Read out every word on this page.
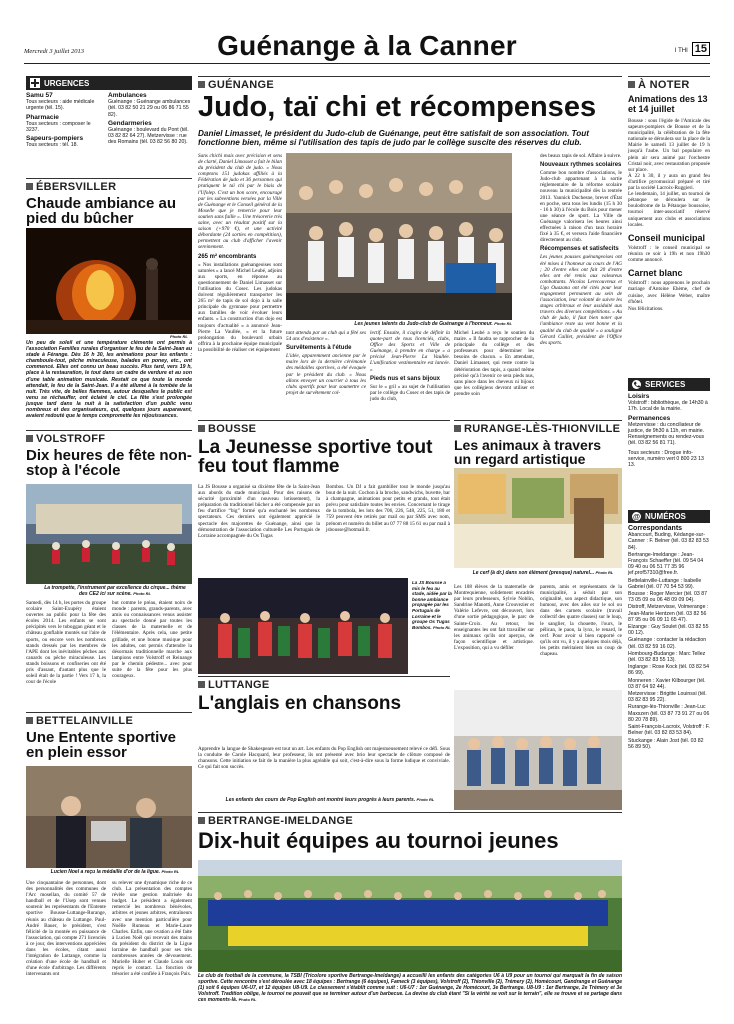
Mercredi 3 juillet 2013	Guénange à la Canner	I THI 15
URGENCES
Samu 57
Tous secteurs : aide médicale urgente (tél. 15).
Pharmacie
Tous secteurs : composer le 3237.
Sapeurs-pompiers
Tous secteurs : tél. 18.
Ambulances
Guénange : Guénange ambulances (tél. 03 82 50 21 29 ou 06 86 71 55 82).
Gendarmeries
Guénange : boulevard du Pont (tél. 03 82 82 64 27). Metzervisse : rue des Romains (tél. 03 82 56 80 20).
ÉBERSVILLER
Chaude ambiance au pied du bûcher
Photo RL
Un peu de soleil et une température clémente ont permis à l'association Familles rurales d'organiser le feu de la Saint-Jean au stade à Férange. Dès 16 h 30, les animations pour les enfants : chamboule-tout, pêche miraculeuse, balades en poney, etc., ont commencé. Elles ont connu un beau succès. Plus tard, vers 19 h, place à la restauration, le tout dans un cadre de verdure et au son d'une table animation musicale. Restait ce que toute la monde attendait, le feu de la Saint-Jean. Il a été allumé à la tombée de la nuit. Très vite, de belles flammes, autour desquelles le public est venu se réchauffer, ont éclairé le ciel. La fête s'est prolongée jusque tard dans la nuit à la satisfaction d'un public venu nombreux et des organisateurs, qui, quelques jours auparavant, avaient redouté que le temps compromette les réjouissances.
VOLSTROFF
Dix heures de fête non-stop à l'école
La trompette, l'instrument par excellence du cirque... thème des CE2 ici sur scène. Photo RL
Samedi, dès 14 h, les portes du groupe scolaire Saint-Exupéry étaient ouvertes au public pour la fête des écoles 2014. Les enfants se sont précipités vers le toboggan géant et le château gonflable montés sur l'aire de sports, ou encore vers les nombreux stands dressés par les membres de l'APE dont les inévitables pêches aux canards ou pêche miraculeuse. Les stands boissons et confiseries ont été pris d'assaut, d'autant plus que le soleil était de la partie ! Vers 17 h, la cour de l'école
but comme le préau, étaient noirs de monde : parents, grands-parents, avec amis ou connaissances venus assister au spectacle donné par toutes les classes de la maternelle et de l'élémentaire. Après cela, une petite grillade, et une bonne musique pour les adultes, ont permis d'attendre la désormais traditionnelle marche aux lampions entre Volstroff et Reinange par le chemin pédestre... avec pour suite de la fête pour les plus courageux.
BETTELAINVILLE
Une Entente sportive en plein essor
Lucien Noel a reçu la médaille d'or de la ligue. Photo RL
Une cinquantaine de personnes, dont des personnalités des communes de l'Arc mosellan, du comité 57 de handball et de l'Usep sont venues soutenir les représentants de l'Entente sportive Bousse-Luttange-Rurange, réunis au château de Luttange. Paul-André Bauer, le président, s'est félicité de la montée en puissance de l'association, qui compte 271 licenciés à ce jour, des interventions appréciées dans les écoles, citant aussi l'intégration de Luttange, comme la création d'une école de handball et d'une école d'arbitrage. Les différents intervenants ont
su relever une dynamique riche de ce club. La présentation des comptes révèle une gestion maîtrisée du budget. Le président a également remercié les nombreux bénévoles, arbitres et jeunes arbitres, entraîneurs avec une mention particulière pour Noëlle Rumeau et Marie-Laure Charles. Enfin, une ovation a été faite à Lucien Noël qui recevait des mains du président du district de la Ligue lorraine de handball pour ses très nombreuses années de dévouement. Murielle Huber et Claude Louis ont repris le contact. La fonction de trésorier a été confiée à François Paix.
GUÉNANGE
Judo, taï chi et récompenses
Daniel Limasset, le président du Judo-club de Guénange, peut être satisfait de son association. Tout fonctionne bien, même si l'utilisation des tapis de judo par le collège suscite des réserves du club.
Sans chichi mais avec précision et sens de clarté, Daniel Limasset a fait le bilan du président du club de judo. « Nous comptons 151 judokas affiliés à la Fédération de judo et 36 personnes qui pratiquent le taï chi par le biais de l'Ufolep. C'est un bon score, encouragé par les subventions versées par la Ville de Guénange et le Conseil général de la Moselle que je remercie pour leur soutien sans faille ». Une trésorerie très saine, avec un résultat positif sur la saison (+970 €), et une activité débordante (24 sorties en compétition), permettent au club d'afficher l'avenir sereinement.
265 m² encombrants
« Nos installations guénangeoises sont saturées » a lancé Michel Leubé, adjoint aux sports, en réponse au questionnement de Daniel Limasset sur l'utilisation du Cosec. Les judokas doivent régulièrement transporter les 265 m² de tapis de sol dojo à la salle principale du gymnase pour permettre aux familles de voir évoluer leurs enfants. « La construction d'un dojo est toujours d'actualité » a annoncé Jean-Pierre La Vaullée, « et la future prolongation du boulevard urbain offrira à la prochaine équipe municipale la possibilité de réaliser cet équipement
Les jeunes talents du Judo-club de Guénange à l'honneur. Photo RL
tant attendu par un club qui a fêté ses 54 ans d'existence ».
Survêtements à l'étude
L'idée, apparemment ancienne par le maire lors de la dernière cérémonie des médailles sportives, a été évoquée par le président du club. « Nous allons envoyer un courrier à tous les clubs sportifs pour leur soumettre ce projet de survêtement col-
lectif. Ensuite, il s'agira de définir la quote-part de tous licenciés, clubs, Office des Sports et Ville de Guénange, à prendre en charge » a précisé Jean-Pierre La Vaullée. L'unification vestimentaire est lancée. »
Pieds nus et sans bijoux
Sur le « gril » au sujet de l'utilisation par le collège du Cosec et des tapis de judo du club,
Michel Leubé a reçu le soutien du maire. « Il faudra se rapprocher de la principale du collège et des professeurs pour déterminer les besoins de chacun. » En attendant, Daniel Limasset, qui reste contre la détérioration des tapis, a quand même précisé qu'à l'avenir ce sera pieds nus, sans pince dans les cheveux ni bijoux que les collégiens devront utiliser et prendre soin
des beaux tapis de sol. Affaire à suivre.
Nouveaux rythmes scolaires
Comme bon nombre d'associations, le Judo-club appartenant à la sortie réglementaire de la réforme scolaire nouveau la municipalité dès la rentrée 2013. Yannick Duchesne, brevet d'État en poche, sera tous les lundis (15 h 30 - 16 h 30) à l'école du Bois pour mener une séance de sport. La Ville de Guénange valorisera les heures ainsi effectuées à raison d'un taux horaire fixé à 35 €, et versera l'aide financière directement au club.
Récompenses et satisfecits
Les jeunes pousses guénangeoises ont été mises à l'honneur au cours de l'AG ; 20 d'entre elles ont fait 20 d'entre elles ont été remis aux valeureux combattants. Nicolas Lerecouvreux et Ugo Ouazana ont été cités pour leur engagement permanent au sein de l'association, leur volonté de suivre les stages arbitraux et leur assiduité aux travers des diverses compétitions. « Au club de judo, il faut bien noter que l'ambiance reste au vent bonne et la qualité du club de qualité » a souligné Gérard Caillet, président de l'Office des sports.
BOUSSE
La Jeunesse sportive tout feu tout flamme
La JS Bousse a organisé sa dixième fête de la Saint-Jean aux abords du stade municipal. Pour des raisons de sécurité (proximité d'un nouveau lotissement), la préparation du traditionnel bûcher a été compensée par un feu d'artifice “big” formé qu'a enchanté les nombreux spectateurs. Ces derniers ont également apprécié le spectacle des majorettes de Guénange, ainsi que la démonstration de l'association culturelle Les Portugais de Lorraine accompagnée du Os Tugas
Bombos. Un DJ a fait gambiller tout le monde jusqu'au bout de la nuit. Cochon à la broche, sandwichs, buvette, bar à champagne, animations pour petits et grands, tout était prévu pour satisfaire toutes les envies. Concernant le tirage de la tombola, les lots des 706, 226, 548, 225, 51, 180 et 759 peuvent être retirés par mail ou par SMS avec nom, prénom et numéro du billet au 07 77 88 15 61 ou par mail à jsbousse@hotmail.fr.
La JS Bousse a mis le feu au stade, aidée par la bonne ambiance propagée par les Portugais de Lorraine et le groupe Os Tugas Bombos. Photo RL
RURANGE-LÈS-THIONVILLE
Les animaux à travers un regard artistique
Le cerf (à dr.) dans son élément (presque) naturel... Photo RL
Les 108 élèves de la maternelle de Montrequienne, solidement encadrés par leurs professeurs, Sylvie Noblin, Sandrine Manotti, Anne Crouvezier et Valérie Lefevre, ont découvert, lors d'une sortie pédagogique, le parc de Sainte-Croix. Au retour, les enseignantes les ont fait travailler sur les animaux qu'ils ont aperçus, de façon scientifique et artistique. L'exposition, qui a vu défiler
parents, amis et représentants de la municipalité, a séduit par son originalité, son aspect didactique, son humour, avec des ailes sur le sol ou dans des carnets scolaire (travail collectif des quatre classes) sur le loup, le sanglier, la chouette, l'ours, le pélican, le paon, la lynx, le renard, le cerf. Pour avoir si bien rapporté ce qu'ils ont vu, il y a quelques mois déjà, les petits méritaient bien un coup de chapeau.
LUTTANGE
L'anglais en chansons
Apprendre la langue de Shakespeare est tout un art. Les enfants du Pop English ont majestueusement relevé ce défi. Sous la conduite de Carole Hacquard, leur professeur, ils ont présenté avec brio leur spectacle de clôture composé de chansons. Cette initiation se fait de la manière la plus agréable qui soit, c'est-à-dire sous la forme ludique et conviviale. Ce qui fait son succès.
Les enfants des cours de Pop English ont montré leurs progrès à leurs parents. Photo RL
BERTRANGE-IMELDANGE
Dix-huit équipes au tournoi jeunes
Le club de football de la commune, la TSBI (Tricolore sportive Bertrange-Imeldange) a accueilli les enfants des catégories U6 à U9 pour un tournoi qui marquait la fin de saison sportive. Cette rencontre s'est déroulée avec 18 équipes : Bertrange (6 équipes), Fameck (3 équipes), Volstroff (2), Thionville (2), Trémery (2), Homécourt, Gandrange et Guénange (1) soit 6 équipes U6-U7, et 12 équipes U8-U9. Le classement s'établit comme suit : U6-U7 : 1er Guénange, 2e Homécourt, 3e Bertrange. U8-U9 : 1er Bertrange, 2e Trémery et 3e Volstroff. Tradition oblige, le tournoi ne pouvait que se terminer autour d'un barbecue. La devise du club étant "Si la vérité se voit sur le terrain", elle se trouve et se partage dans ces moments-là. Photo RL
À NOTER
Animations des 13 et 14 juillet
Bousse : sous l'égide de l'Amicale des sapeurs-pompiers de Bousse et de la municipalité, la célébration de la fête nationale se déroulera sur la place de la Mairie le samedi 13 juillet de 19 h jusqu'à l'aube. Un bal populaire en plein air sera animé par l'orchestre Cristal noir, avec restauration proposée sur place.
À 22 h 30, il y aura un grand feu d'artifice pyromusical préparé et tiré par la société Lacroix-Ruggieri.
Le lendemain, 14 juillet, un tournoi de pétanque se déroulera sur le boulodrome de la Pétanque boussoise, tournoi inter-associatif réservé uniquement aux clubs et associations locales.
Conseil municipal
Volstroff : le conseil municipal se réunira ce soir à 19h et non 19h30 comme annoncé.
Carnet blanc
Volstroff : nous apprenons le prochain mariage d'Antoine Ehème, chef de cuisine, avec Hélène Weber, maître d'hôtel.
Nos félicitations.
SERVICES
Loisirs
Volstroff : bibliothèque, de 14h30 à 17h. Local de la mairie.
Permanences
Metzervisse : du conciliateur de justice, de 9h30 à 11h, en mairie. Renseignements ou rendez-vous (tél. 03 82 56 81 71).
Tous secteurs : Drogue info-service, numéro vert 0 800 23 13 13.
@ NUMÉROS
Correspondants
Abancourt, Buding, Kédange-sur-Canner : F. Belner (tél. 03 82 83 53 84).
Bertrange-Imeldange : Jean-François Schaeffer (tél. 09 54 04 09 40 ou 06 51 77 35 96 jef.prof57310@free.fr.
Bettelainville-Luttange : Isabelle Gabriel (tél. 07 70 54 53 99).
Bousse : Roger Mercier (tél. 03 87 73 05 09 ou 06 48 09 09 04).
Distroff, Metzervisse, Volmerange : Jean-Marie Hentzen (tél. 03 82 56 87 95 ou 06 09 11 65 47).
Elzange : Guy Soulet (tél. 03 82 55 00 12).
Guénange : contacter la rédaction (tél. 03 82 59 16 02).
Hombourg-Budange : Marc Tellez (tél. 03 82 83 55 13).
Inglange : Rose Kock (tél. 03 82 54 86 99).
Monneren : Xavier Kilbourger (tél. 03 87 64 92 44).
Metzervisse : Brigitte Louinssi (tél. 03 82 83 95 22).
Rurange-lès-Thionville : Jean-Luc Maxszen (tél. 03 87 73 91 27 ou 06 80 20 78 89).
Saint-François-Lacroix, Volstroff : F. Belner (tél. 03 82 83 53 84).
Stuckange : Alain Jost (tél. 03 82 56 89 50).
